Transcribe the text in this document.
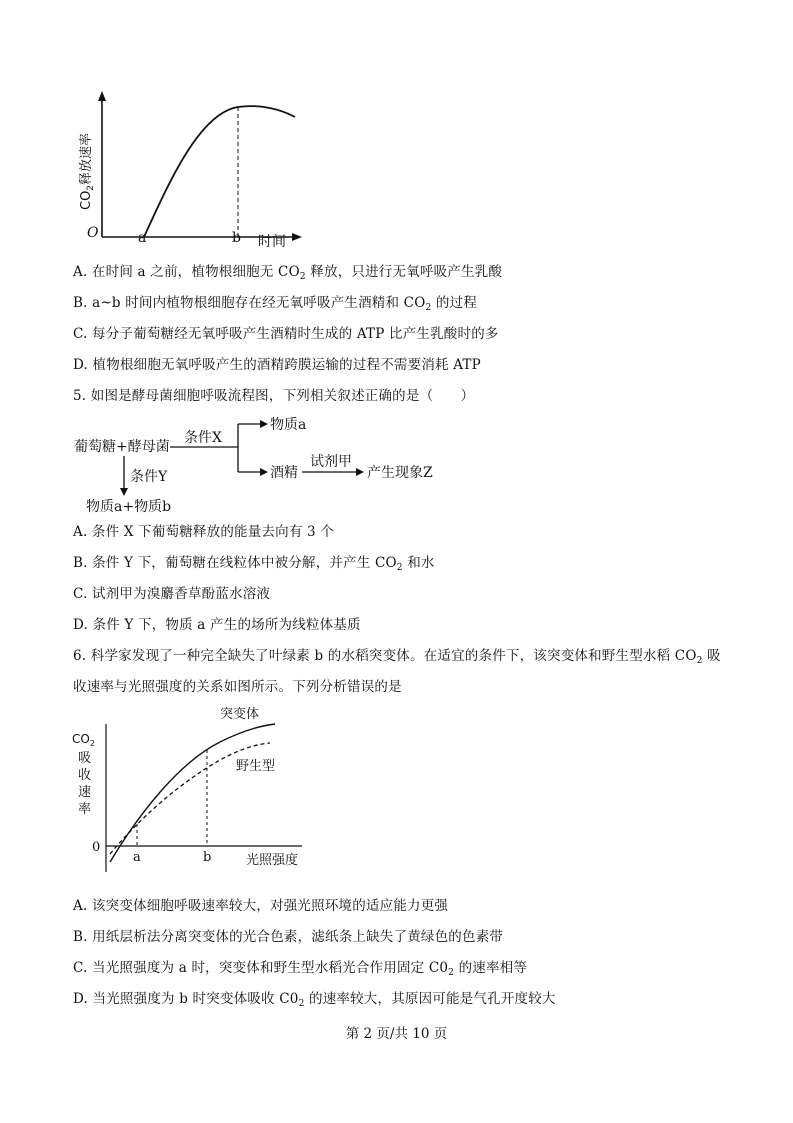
$CO_2$释放速率
O	a	b 时间
A. 在时间 a 之前，植物根细胞无 $CO_2$ 释放，只进行无氧呼吸产生乳酸
B. a~b 时间内植物根细胞存在经无氧呼吸产生酒精和 $CO_2$ 的过程
C. 每分子葡萄糖经无氧呼吸产生酒精时生成的 ATP 比产生乳酸时的多
D. 植物根细胞无氧呼吸产生的酒精跨膜运输的过程不需要消耗 ATP
5. 如图是酵母菌细胞呼吸流程图，下列相关叙述正确的是（　　）
葡萄糖+酵母菌
条件X
物质a
酒精
试剂甲
产生现象Z
条件Y
物质a+物质b
A. 条件 X 下葡萄糖释放的能量去向有 3 个
B. 条件 Y 下，葡萄糖在线粒体中被分解，并产生 $CO_2$ 和水
C. 试剂甲为溴麝香草酚蓝水溶液
D. 条件 Y 下，物质 a 产生的场所为线粒体基质
6. 科学家发现了一种完全缺失了叶绿素 b 的水稻突变体。在适宜的条件下，该突变体和野生型水稻 $CO_2$ 吸
收速率与光照强度的关系如图所示。下列分析错误的是
$CO_2$
吸
收
速
率
0
a	b	光照强度
突变体
野生型
A. 该突变体细胞呼吸速率较大，对强光照环境的适应能力更强
B. 用纸层析法分离突变体的光合色素，滤纸条上缺失了黄绿色的色素带
C. 当光照强度为 a 时，突变体和野生型水稻光合作用固定 $C0_2$ 的速率相等
D. 当光照强度为 b 时突变体吸收 $C0_2$ 的速率较大，其原因可能是气孔开度较大
第 2 页/共 10 页
